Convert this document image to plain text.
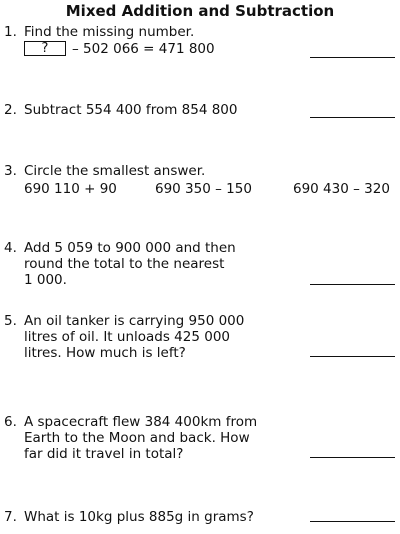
Mixed Addition and Subtraction
1. Find the missing number.
?	– 502 066 = 471 800
2. Subtract 554 400 from 854 800
3. Circle the smallest answer.
690 110 + 90	690 350 – 150	690 430 – 320
4. Add 5 059 to 900 000 and then
round the total to the nearest
1 000.
5. An oil tanker is carrying 950 000
litres of oil. It unloads 425 000
litres. How much is left?
6. A spacecraft flew 384 400km from
Earth to the Moon and back. How
far did it travel in total?
7. What is 10kg plus 885g in grams?
